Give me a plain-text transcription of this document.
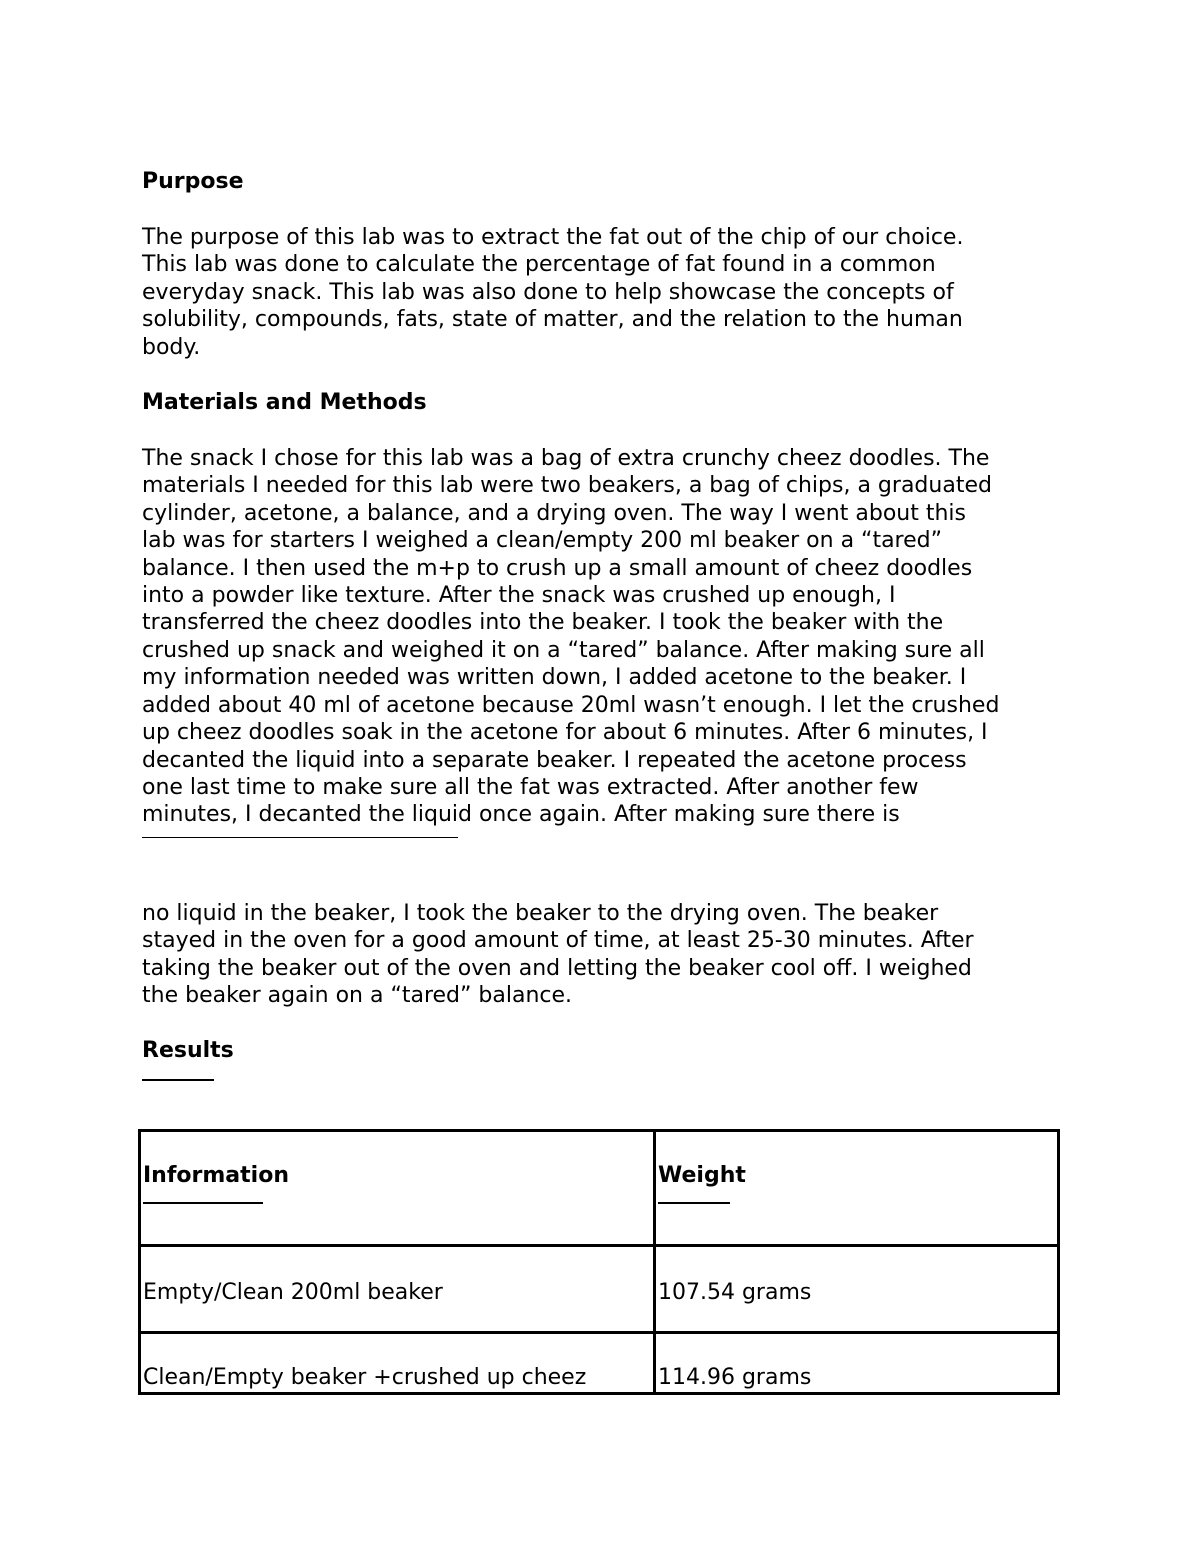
Purpose

The purpose of this lab was to extract the fat out of the chip of our choice.
This lab was done to calculate the percentage of fat found in a common
everyday snack. This lab was also done to help showcase the concepts of
solubility, compounds, fats, state of matter, and the relation to the human
body.

Materials and Methods

The snack I chose for this lab was a bag of extra crunchy cheez doodles. The
materials I needed for this lab were two beakers, a bag of chips, a graduated
cylinder, acetone, a balance, and a drying oven. The way I went about this
lab was for starters I weighed a clean/empty 200 ml beaker on a “tared”
balance. I then used the m+p to crush up a small amount of cheez doodles
into a powder like texture. After the snack was crushed up enough, I
transferred the cheez doodles into the beaker. I took the beaker with the
crushed up snack and weighed it on a “tared” balance. After making sure all
my information needed was written down, I added acetone to the beaker. I
added about 40 ml of acetone because 20ml wasn’t enough. I let the crushed
up cheez doodles soak in the acetone for about 6 minutes. After 6 minutes, I
decanted the liquid into a separate beaker. I repeated the acetone process
one last time to make sure all the fat was extracted. After another few
minutes, I decanted the liquid once again. After making sure there is
no liquid in the beaker, I took the beaker to the drying oven. The beaker
stayed in the oven for a good amount of time, at least 25-30 minutes. After
taking the beaker out of the oven and letting the beaker cool off. I weighed
the beaker again on a “tared” balance.

Results

Information	Weight

Empty/Clean 200ml beaker	107.54 grams

Clean/Empty beaker +crushed up cheez	114.96 grams
